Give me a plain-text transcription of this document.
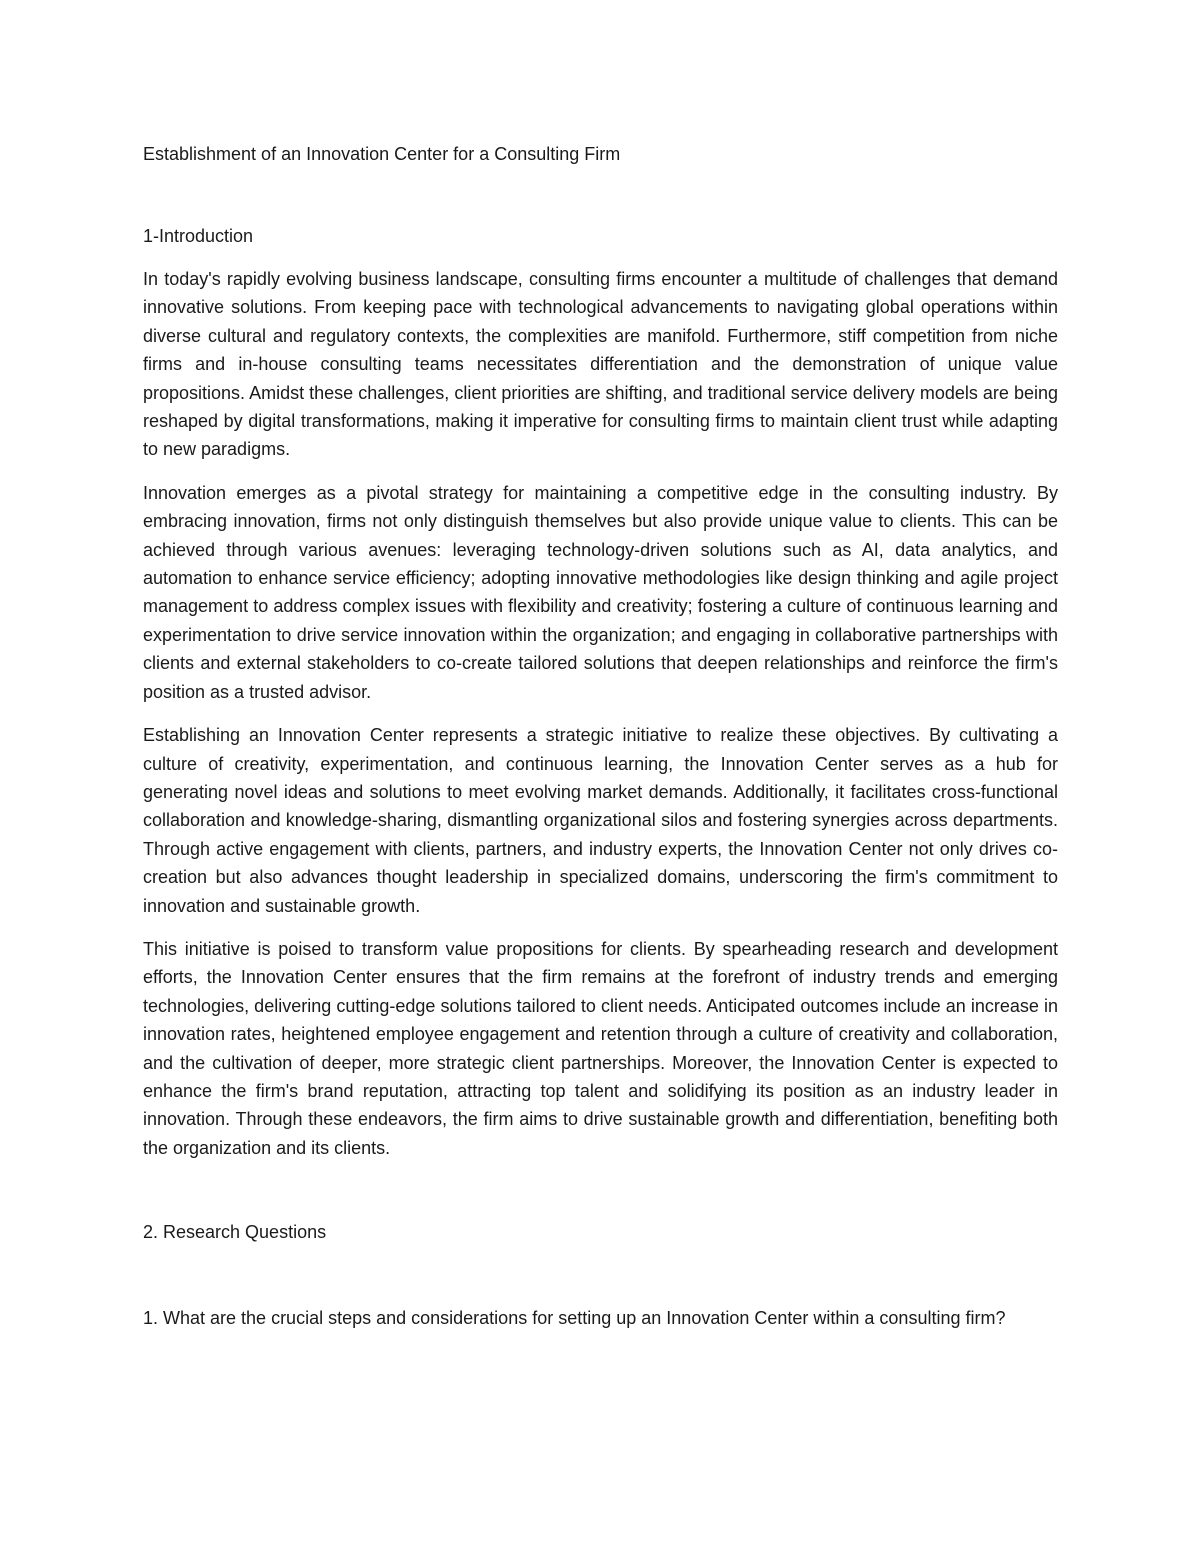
Establishment of an Innovation Center for a Consulting Firm
1-Introduction

In today's rapidly evolving business landscape, consulting firms encounter a multitude of challenges that demand innovative solutions. From keeping pace with technological advancements to navigating global operations within diverse cultural and regulatory contexts, the complexities are manifold. Furthermore, stiff competition from niche firms and in-house consulting teams necessitates differentiation and the demonstration of unique value propositions. Amidst these challenges, client priorities are shifting, and traditional service delivery models are being reshaped by digital transformations, making it imperative for consulting firms to maintain client trust while adapting to new paradigms.

Innovation emerges as a pivotal strategy for maintaining a competitive edge in the consulting industry. By embracing innovation, firms not only distinguish themselves but also provide unique value to clients. This can be achieved through various avenues: leveraging technology-driven solutions such as AI, data analytics, and automation to enhance service efficiency; adopting innovative methodologies like design thinking and agile project management to address complex issues with flexibility and creativity; fostering a culture of continuous learning and experimentation to drive service innovation within the organization; and engaging in collaborative partnerships with clients and external stakeholders to co-create tailored solutions that deepen relationships and reinforce the firm's position as a trusted advisor.

Establishing an Innovation Center represents a strategic initiative to realize these objectives. By cultivating a culture of creativity, experimentation, and continuous learning, the Innovation Center serves as a hub for generating novel ideas and solutions to meet evolving market demands. Additionally, it facilitates cross-functional collaboration and knowledge-sharing, dismantling organizational silos and fostering synergies across departments. Through active engagement with clients, partners, and industry experts, the Innovation Center not only drives co-creation but also advances thought leadership in specialized domains, underscoring the firm's commitment to innovation and sustainable growth.

This initiative is poised to transform value propositions for clients. By spearheading research and development efforts, the Innovation Center ensures that the firm remains at the forefront of industry trends and emerging technologies, delivering cutting-edge solutions tailored to client needs. Anticipated outcomes include an increase in innovation rates, heightened employee engagement and retention through a culture of creativity and collaboration, and the cultivation of deeper, more strategic client partnerships. Moreover, the Innovation Center is expected to enhance the firm's brand reputation, attracting top talent and solidifying its position as an industry leader in innovation. Through these endeavors, the firm aims to drive sustainable growth and differentiation, benefiting both the organization and its clients.

2. Research Questions

1. What are the crucial steps and considerations for setting up an Innovation Center within a consulting firm?
